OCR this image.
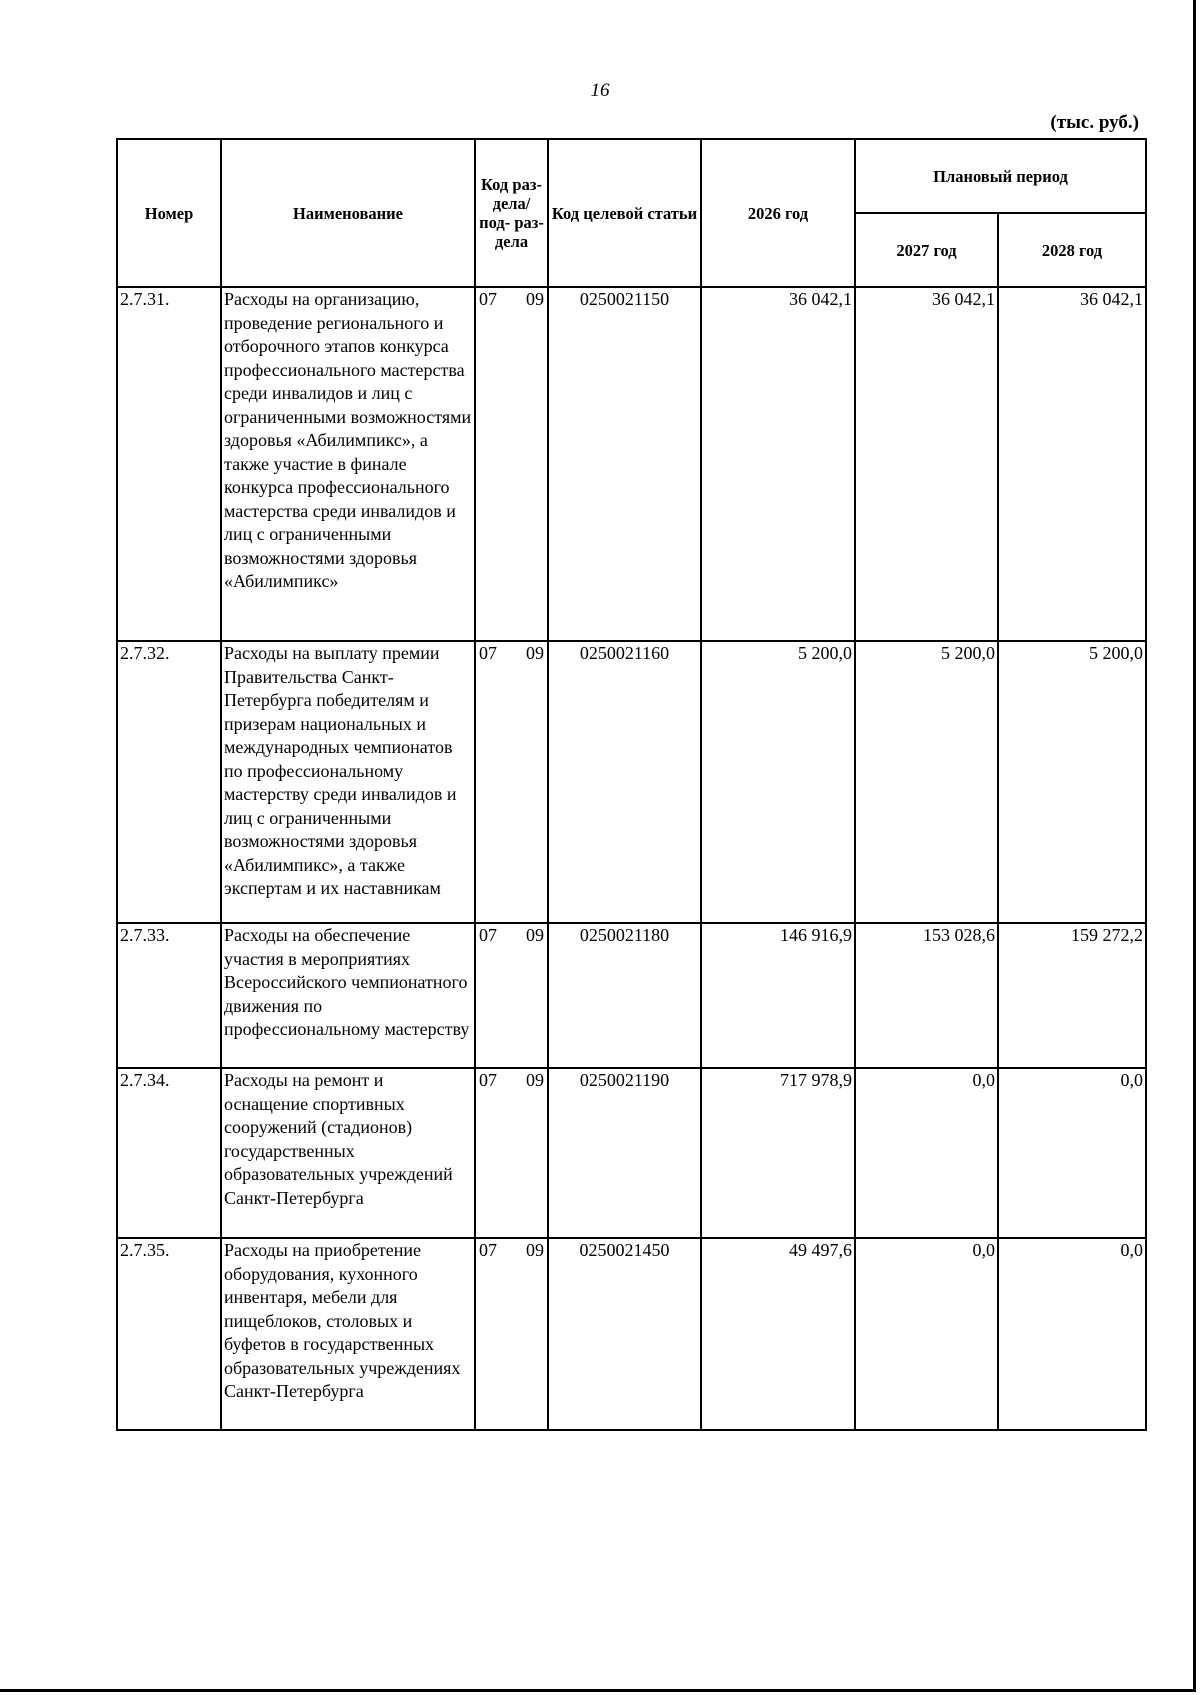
16
(тыс. руб.)
Номер	Наименование	Код раз- дела/ под- раз- дела	Код целевой статьи	2026 год	Плановый период	
					2027 год	2028 год
2.7.31.	Расходы на организацию, проведение регионального и отборочного этапов конкурса профессионального мастерства среди инвалидов и лиц с ограниченными возможностями здоровья «Абилимпикс», а также участие в финале конкурса профессионального мастерства среди инвалидов и лиц с ограниченными возможностями здоровья «Абилимпикс»	07 09	0250021150	36 042,1	36 042,1	36 042,1
2.7.32.	Расходы на выплату премии Правительства Санкт-Петербурга победителям и призерам национальных и международных чемпионатов по профессиональному мастерству среди инвалидов и лиц с ограниченными возможностями здоровья «Абилимпикс», а также экспертам и их наставникам	07 09	0250021160	5 200,0	5 200,0	5 200,0
2.7.33.	Расходы на обеспечение участия в мероприятиях Всероссийского чемпионатного движения по профессиональному мастерству	07 09	0250021180	146 916,9	153 028,6	159 272,2
2.7.34.	Расходы на ремонт и оснащение спортивных сооружений (стадионов) государственных образовательных учреждений Санкт-Петербурга	07 09	0250021190	717 978,9	0,0	0,0
2.7.35.	Расходы на приобретение оборудования, кухонного инвентаря, мебели для пищеблоков, столовых и буфетов в государственных образовательных учреждениях Санкт-Петербурга	07 09	0250021450	49 497,6	0,0	0,0
